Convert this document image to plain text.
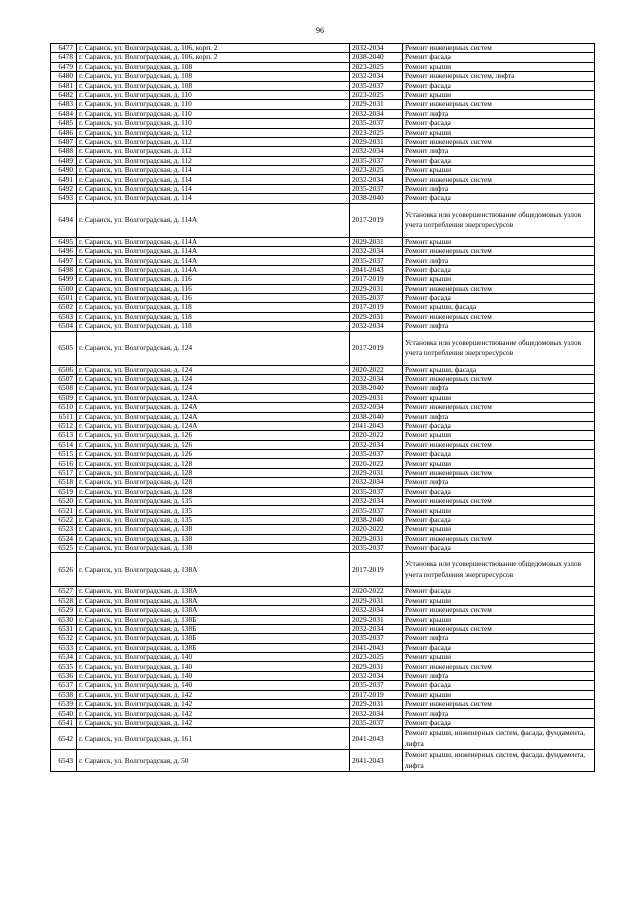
96
6477	г. Саранск, ул. Волгоградская, д. 106, корп. 2	2032-2034	Ремонт инженерных систем
6478	г. Саранск, ул. Волгоградская, д. 106, корп. 2	2038-2040	Ремонт фасада
6479	г. Саранск, ул. Волгоградская, д. 108	2023-2025	Ремонт крыши
6480	г. Саранск, ул. Волгоградская, д. 108	2032-2034	Ремонт инженерных систем, лифта
6481	г. Саранск, ул. Волгоградская, д. 108	2035-2037	Ремонт фасада
6482	г. Саранск, ул. Волгоградская, д. 110	2023-2025	Ремонт крыши
6483	г. Саранск, ул. Волгоградская, д. 110	2029-2031	Ремонт инженерных систем
6484	г. Саранск, ул. Волгоградская, д. 110	2032-2034	Ремонт лифта
6485	г. Саранск, ул. Волгоградская, д. 110	2035-2037	Ремонт фасада
6486	г. Саранск, ул. Волгоградская, д. 112	2023-2025	Ремонт крыши
6487	г. Саранск, ул. Волгоградская, д. 112	2029-2031	Ремонт инженерных систем
6488	г. Саранск, ул. Волгоградская, д. 112	2032-2034	Ремонт лифта
6489	г. Саранск, ул. Волгоградская, д. 112	2035-2037	Ремонт фасада
6490	г. Саранск, ул. Волгоградская, д. 114	2023-2025	Ремонт крыши
6491	г. Саранск, ул. Волгоградская, д. 114	2032-2034	Ремонт инженерных систем
6492	г. Саранск, ул. Волгоградская, д. 114	2035-2037	Ремонт лифта
6493	г. Саранск, ул. Волгоградская, д. 114	2038-2040	Ремонт фасада
6494	г. Саранск, ул. Волгоградская, д. 114А	2017-2019	Установка или усовершенствование общедомовых узлов учета потребления энергоресурсов
6495	г. Саранск, ул. Волгоградская, д. 114А	2029-2031	Ремонт крыши
6496	г. Саранск, ул. Волгоградская, д. 114А	2032-2034	Ремонт инженерных систем
6497	г. Саранск, ул. Волгоградская, д. 114А	2035-2037	Ремонт лифта
6498	г. Саранск, ул. Волгоградская, д. 114А	2041-2043	Ремонт фасада
6499	г. Саранск, ул. Волгоградская, д. 116	2017-2019	Ремонт крыши
6500	г. Саранск, ул. Волгоградская, д. 116	2029-2031	Ремонт инженерных систем
6501	г. Саранск, ул. Волгоградская, д. 116	2035-2037	Ремонт фасада
6502	г. Саранск, ул. Волгоградская, д. 118	2017-2019	Ремонт крыши, фасада
6503	г. Саранск, ул. Волгоградская, д. 118	2029-2031	Ремонт инженерных систем
6504	г. Саранск, ул. Волгоградская, д. 118	2032-2034	Ремонт лифта
6505	г. Саранск, ул. Волгоградская, д. 124	2017-2019	Установка или усовершенствование общедомовых узлов учета потребления энергоресурсов
6506	г. Саранск, ул. Волгоградская, д. 124	2020-2022	Ремонт крыши, фасада
6507	г. Саранск, ул. Волгоградская, д. 124	2032-2034	Ремонт инженерных систем
6508	г. Саранск, ул. Волгоградская, д. 124	2038-2040	Ремонт лифта
6509	г. Саранск, ул. Волгоградская, д. 124А	2029-2031	Ремонт крыши
6510	г. Саранск, ул. Волгоградская, д. 124А	2032-2034	Ремонт инженерных систем
6511	г. Саранск, ул. Волгоградская, д. 124А	2038-2040	Ремонт лифта
6512	г. Саранск, ул. Волгоградская, д. 124А	2041-2043	Ремонт фасада
6513	г. Саранск, ул. Волгоградская, д. 126	2020-2022	Ремонт крыши
6514	г. Саранск, ул. Волгоградская, д. 126	2032-2034	Ремонт инженерных систем
6515	г. Саранск, ул. Волгоградская, д. 126	2035-2037	Ремонт фасада
6516	г. Саранск, ул. Волгоградская, д. 128	2020-2022	Ремонт крыши
6517	г. Саранск, ул. Волгоградская, д. 128	2029-2031	Ремонт инженерных систем
6518	г. Саранск, ул. Волгоградская, д. 128	2032-2034	Ремонт лифта
6519	г. Саранск, ул. Волгоградская, д. 128	2035-2037	Ремонт фасада
6520	г. Саранск, ул. Волгоградская, д. 135	2032-2034	Ремонт инженерных систем
6521	г. Саранск, ул. Волгоградская, д. 135	2035-2037	Ремонт крыши
6522	г. Саранск, ул. Волгоградская, д. 135	2038-2040	Ремонт фасада
6523	г. Саранск, ул. Волгоградская, д. 138	2020-2022	Ремонт крыши
6524	г. Саранск, ул. Волгоградская, д. 138	2029-2031	Ремонт инженерных систем
6525	г. Саранск, ул. Волгоградская, д. 138	2035-2037	Ремонт фасада
6526	г. Саранск, ул. Волгоградская, д. 138А	2017-2019	Установка или усовершенствование общедомовых узлов учета потребления энергоресурсов
6527	г. Саранск, ул. Волгоградская, д. 138А	2020-2022	Ремонт фасада
6528	г. Саранск, ул. Волгоградская, д. 138А	2029-2031	Ремонт крыши
6529	г. Саранск, ул. Волгоградская, д. 138А	2032-2034	Ремонт инженерных систем
6530	г. Саранск, ул. Волгоградская, д. 138Б	2029-2031	Ремонт крыши
6531	г. Саранск, ул. Волгоградская, д. 138Б	2032-2034	Ремонт инженерных систем
6532	г. Саранск, ул. Волгоградская, д. 138Б	2035-2037	Ремонт лифта
6533	г. Саранск, ул. Волгоградская, д. 138Б	2041-2043	Ремонт фасада
6534	г. Саранск, ул. Волгоградская, д. 140	2023-2025	Ремонт крыши
6535	г. Саранск, ул. Волгоградская, д. 140	2029-2031	Ремонт инженерных систем
6536	г. Саранск, ул. Волгоградская, д. 140	2032-2034	Ремонт лифта
6537	г. Саранск, ул. Волгоградская, д. 140	2035-2037	Ремонт фасада
6538	г. Саранск, ул. Волгоградская, д. 142	2017-2019	Ремонт крыши
6539	г. Саранск, ул. Волгоградская, д. 142	2029-2031	Ремонт инженерных систем
6540	г. Саранск, ул. Волгоградская, д. 142	2032-2034	Ремонт лифта
6541	г. Саранск, ул. Волгоградская, д. 142	2035-2037	Ремонт фасада
6542	г. Саранск, ул. Волгоградская, д. 161	2041-2043	Ремонт крыши, инженерных систем, фасада, фундамента, лифта
6543	г. Саранск, ул. Волгоградская, д. 50	2041-2043	Ремонт крыши, инженерных систем, фасада, фундамента, лифта
